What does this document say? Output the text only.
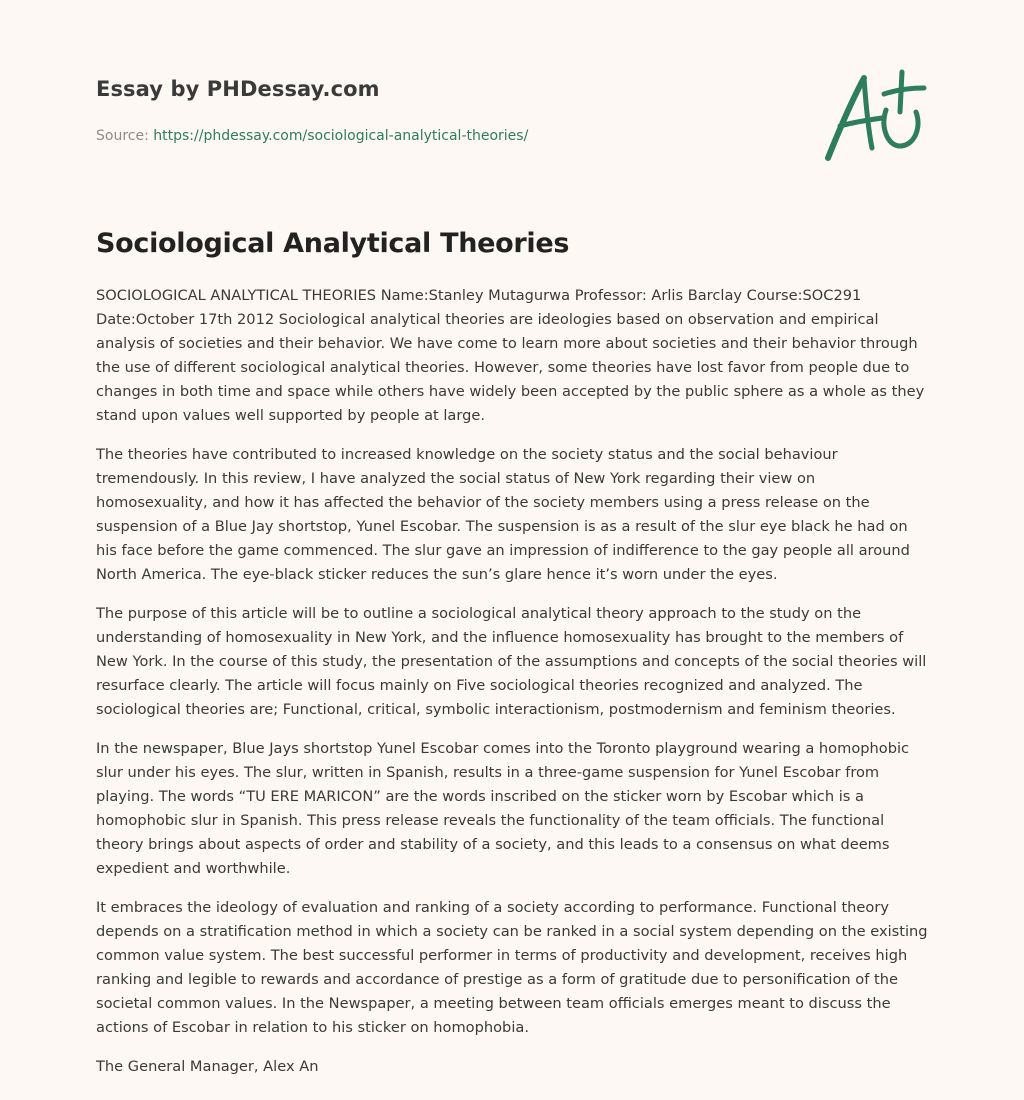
Essay by PHDessay.com
Source: https://phdessay.com/sociological-analytical-theories/
Sociological Analytical Theories

SOCIOLOGICAL ANALYTICAL THEORIES Name:Stanley Mutagurwa Professor: Arlis Barclay Course:SOC291 Date:October 17th 2012 Sociological analytical theories are ideologies based on observation and empirical analysis of societies and their behavior. We have come to learn more about societies and their behavior through the use of different sociological analytical theories. However, some theories have lost favor from people due to changes in both time and space while others have widely been accepted by the public sphere as a whole as they stand upon values well supported by people at large.

The theories have contributed to increased knowledge on the society status and the social behaviour tremendously. In this review, I have analyzed the social status of New York regarding their view on homosexuality, and how it has affected the behavior of the society members using a press release on the suspension of a Blue Jay shortstop, Yunel Escobar. The suspension is as a result of the slur eye black he had on his face before the game commenced. The slur gave an impression of indifference to the gay people all around North America. The eye-black sticker reduces the sun’s glare hence it’s worn under the eyes.

The purpose of this article will be to outline a sociological analytical theory approach to the study on the understanding of homosexuality in New York, and the influence homosexuality has brought to the members of New York. In the course of this study, the presentation of the assumptions and concepts of the social theories will resurface clearly. The article will focus mainly on Five sociological theories recognized and analyzed. The sociological theories are; Functional, critical, symbolic interactionism, postmodernism and feminism theories.

In the newspaper, Blue Jays shortstop Yunel Escobar comes into the Toronto playground wearing a homophobic slur under his eyes. The slur, written in Spanish, results in a three-game suspension for Yunel Escobar from playing. The words “TU ERE MARICON” are the words inscribed on the sticker worn by Escobar which is a homophobic slur in Spanish. This press release reveals the functionality of the team officials. The functional theory brings about aspects of order and stability of a society, and this leads to a consensus on what deems expedient and worthwhile.

It embraces the ideology of evaluation and ranking of a society according to performance. Functional theory depends on a stratification method in which a society can be ranked in a social system depending on the existing common value system. The best successful performer in terms of productivity and development, receives high ranking and legible to rewards and accordance of prestige as a form of gratitude due to personification of the societal common values. In the Newspaper, a meeting between team officials emerges meant to discuss the actions of Escobar in relation to his sticker on homophobia.

The General Manager, Alex An
